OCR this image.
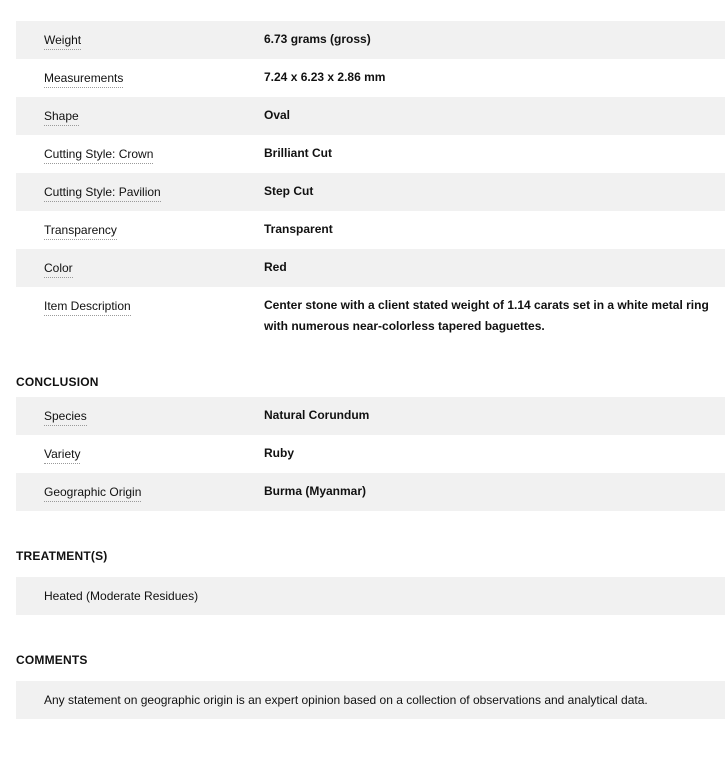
Weight	6.73 grams (gross)
Measurements	7.24 x 6.23 x 2.86 mm
Shape	Oval
Cutting Style: Crown	Brilliant Cut
Cutting Style: Pavilion	Step Cut
Transparency	Transparent
Color	Red
Item Description	Center stone with a client stated weight of 1.14 carats set in a white metal ring with numerous near-colorless tapered baguettes.
CONCLUSION
Species	Natural Corundum
Variety	Ruby
Geographic Origin	Burma (Myanmar)
TREATMENT(S)
Heated (Moderate Residues)
COMMENTS
Any statement on geographic origin is an expert opinion based on a collection of observations and analytical data.
